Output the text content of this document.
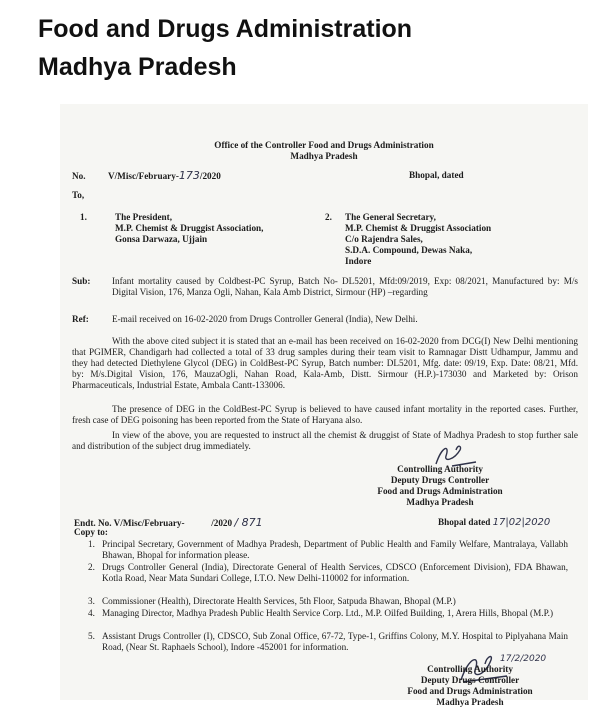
Food and Drugs Administration
Madhya Pradesh
Office of the Controller Food and Drugs Administration
Madhya Pradesh
No. V/Misc/February-173/2020	Bhopal, dated
To,
1.	The President,
M.P. Chemist & Druggist Association,
Gonsa Darwaza, Ujjain
2. The General Secretary,
M.P. Chemist & Druggist Association
C/o Rajendra Sales,
S.D.A. Compound, Dewas Naka,
Indore
Sub: Infant mortality caused by Coldbest-PC Syrup, Batch No- DL5201, Mfd:09/2019, Exp: 08/2021, Manufactured by: M/s Digital Vision, 176, Manza Ogli, Nahan, Kala Amb District, Sirmour (HP) –regarding
Ref:	E-mail received on 16-02-2020 from Drugs Controller General (India), New Delhi.
With the above cited subject it is stated that an e-mail has been received on 16-02-2020 from DCG(I) New Delhi mentioning that PGIMER, Chandigarh had collected a total of 33 drug samples during their team visit to Ramnagar Distt Udhampur, Jammu and they had detected Diethylene Glycol (DEG) in ColdBest-PC Syrup, Batch number: DL5201, Mfg. date: 09/19, Exp. Date: 08/21, Mfd. by: M/s.Digital Vision, 176, MauzaOgli, Nahan Road, Kala-Amb, Distt. Sirmour (H.P.)-173030 and Marketed by: Orison Pharmaceuticals, Industrial Estate, Ambala Cantt-133006.
The presence of DEG in the ColdBest-PC Syrup is believed to have caused infant mortality in the reported cases. Further, fresh case of DEG poisoning has been reported from the State of Haryana also.
In view of the above, you are requested to instruct all the chemist & druggist of State of Madhya Pradesh to stop further sale and distribution of the subject drug immediately.
Controlling Authority
Deputy Drugs Controller
Food and Drugs Administration
Madhya Pradesh
Endt. No. V/Misc/February-	/2020 / 871	Bhopal dated 17|02|2020
Copy to:
1. Principal Secretary, Government of Madhya Pradesh, Department of Public Health and Family Welfare, Mantralaya, Vallabh Bhawan, Bhopal for information please.
2. Drugs Controller General (India), Directorate General of Health Services, CDSCO (Enforcement Division), FDA Bhawan, Kotla Road, Near Mata Sundari College, I.T.O. New Delhi-110002 for information.
3. Commissioner (Health), Directorate Health Services, 5th Floor, Satpuda Bhawan, Bhopal (M.P.)
4. Managing Director, Madhya Pradesh Public Health Service Corp. Ltd., M.P. Oilfed Building, 1, Arera Hills, Bhopal (M.P.)
5. Assistant Drugs Controller (I), CDSCO, Sub Zonal Office, 67-72, Type-1, Griffins Colony, M.Y. Hospital to Piplyahana Main Road, (Near St. Raphaels School), Indore -452001 for information.
17/2/2020
Controlling Authority
Deputy Drugs Controller
Food and Drugs Administration
Madhya Pradesh
